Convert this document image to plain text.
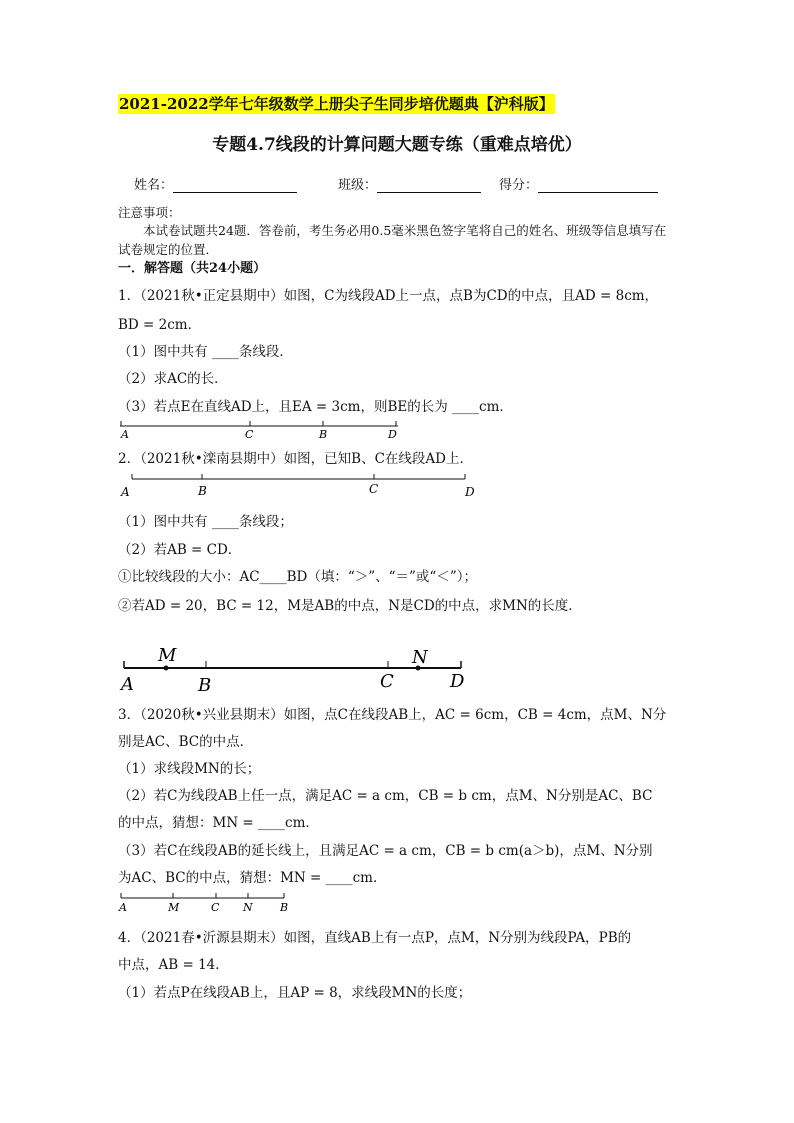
2021-2022学年七年级数学上册尖子生同步培优题典【沪科版】
专题4.7线段的计算问题大题专练（重难点培优）
姓名：	班级：	得分：
注意事项：
本试卷试题共24题．答卷前，考生务必用0.5毫米黑色签字笔将自己的姓名、班级等信息填写在试卷规定的位置．
一．解答题（共24小题）
1．（2021秋•正定县期中）如图，C为线段AD上一点，点B为CD的中点，且AD = 8cm，
BD = 2cm．
（1）图中共有 ____条线段．
（2）求AC的长．
（3）若点E在直线AD上，且EA = 3cm，则BE的长为 ____cm．
A	C	B	D
2．（2021秋•滦南县期中）如图，已知B、C在线段AD上．
A	B	C	D
（1）图中共有 ____条线段；
（2）若AB = CD．
①比较线段的大小：AC____BD（填：“＞”、“＝”或“＜”）；
②若AD = 20，BC = 12，M是AB的中点，N是CD的中点，求MN的长度．
M	N
A	B	C	D
3．（2020秋•兴业县期末）如图，点C在线段AB上，AC = 6cm，CB = 4cm，点M、N分
别是AC、BC的中点．
（1）求线段MN的长；
（2）若C为线段AB上任一点，满足AC = a cm，CB = b cm，点M、N分别是AC、BC
的中点，猜想：MN = ____cm．
（3）若C在线段AB的延长线上，且满足AC = a cm，CB = b cm(a＞b)，点M、N分别
为AC、BC的中点，猜想：MN = ____cm．
A	M	C N B
4．（2021春•沂源县期末）如图，直线AB上有一点P，点M，N分别为线段PA，PB的
中点，AB = 14．
（1）若点P在线段AB上，且AP = 8，求线段MN的长度；
